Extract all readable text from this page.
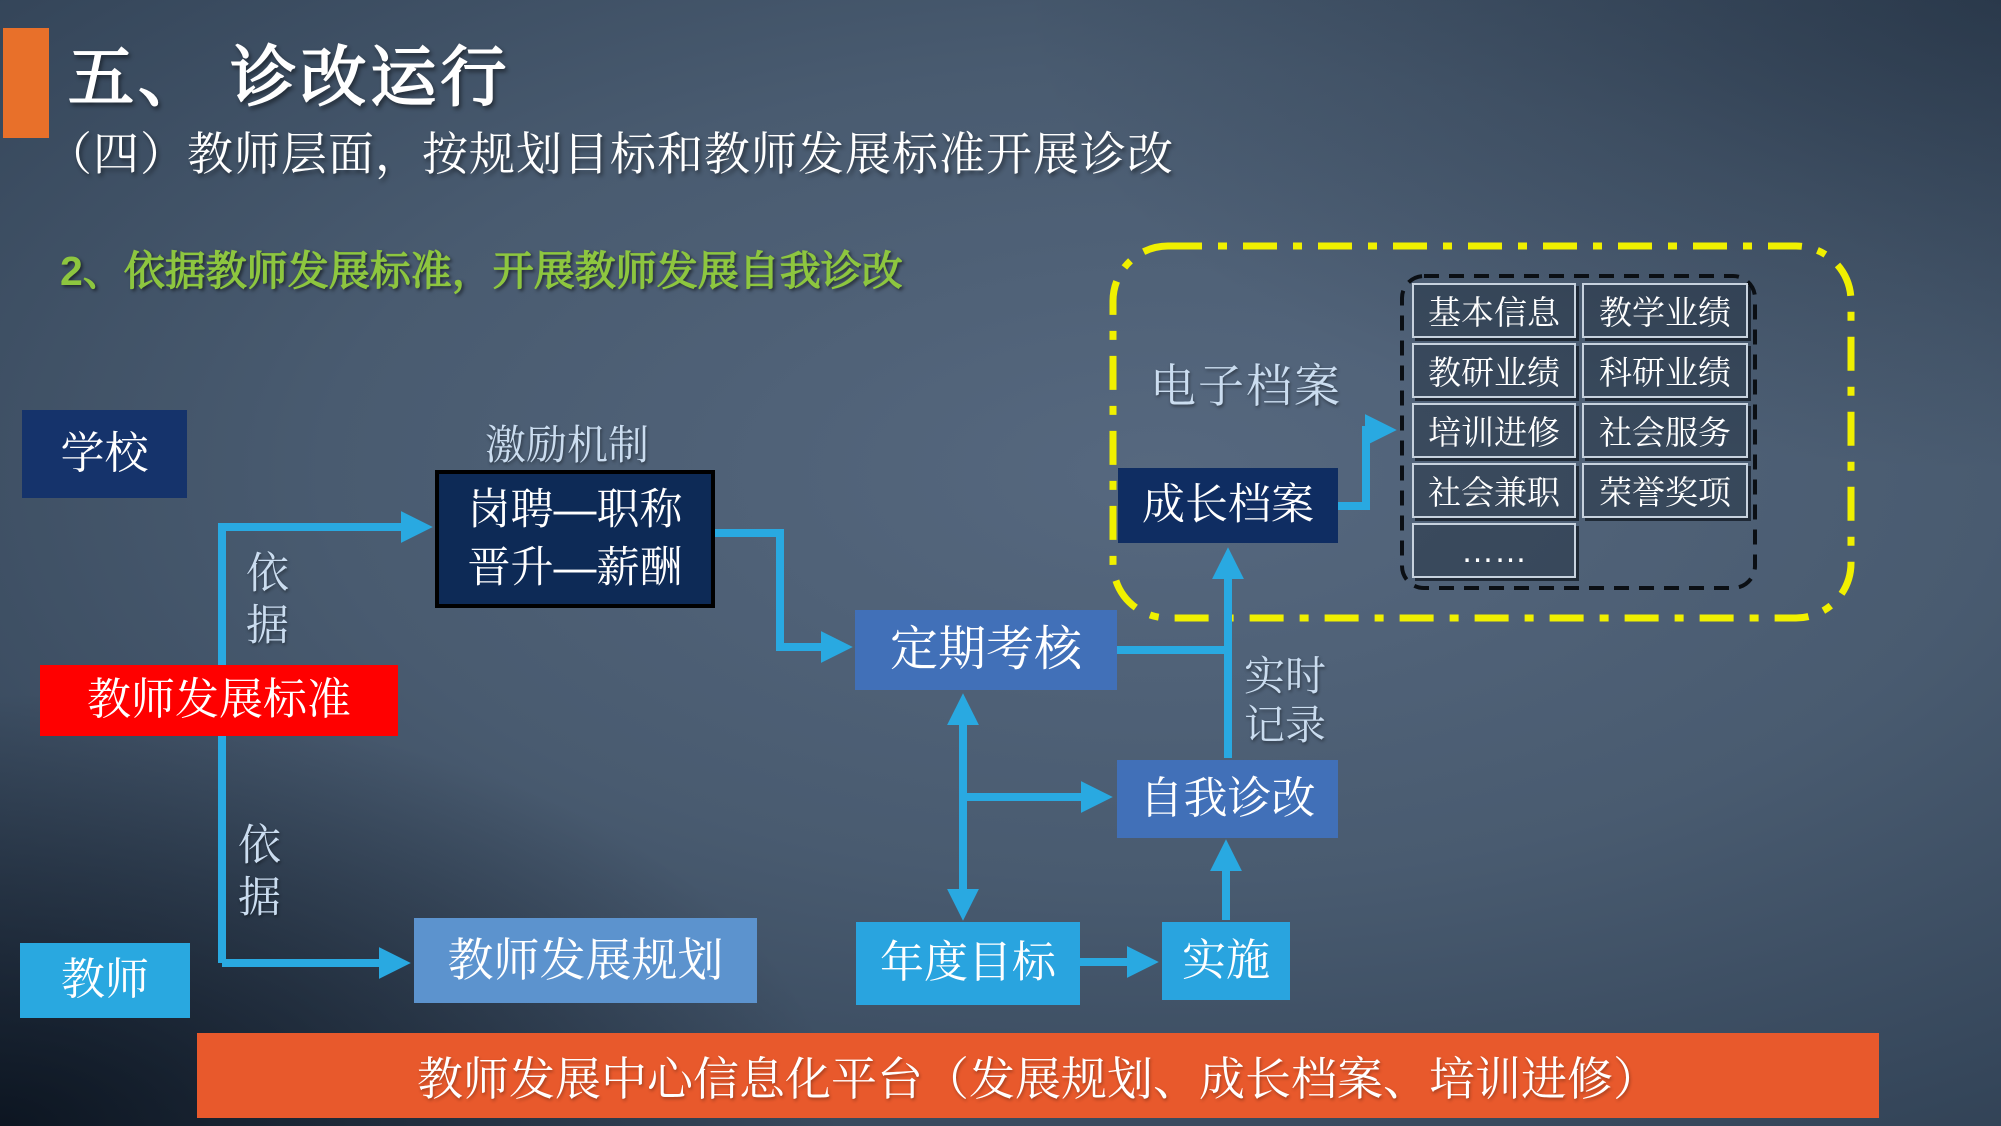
五、 诊改运行
（四）教师层面，按规划目标和教师发展标准开展诊改
2、依据教师发展标准，开展教师发展自我诊改
学校
依据
教师发展标准
依据
教师
激励机制
岗聘—职称
晋升—薪酬
教师发展规划	年度目标	实施
定期考核
自我诊改
实时记录
电子档案
成长档案
基本信息	教学业绩
教研业绩	科研业绩
培训进修	社会服务
社会兼职	荣誉奖项
……
教师发展中心信息化平台（发展规划、成长档案、培训进修）
